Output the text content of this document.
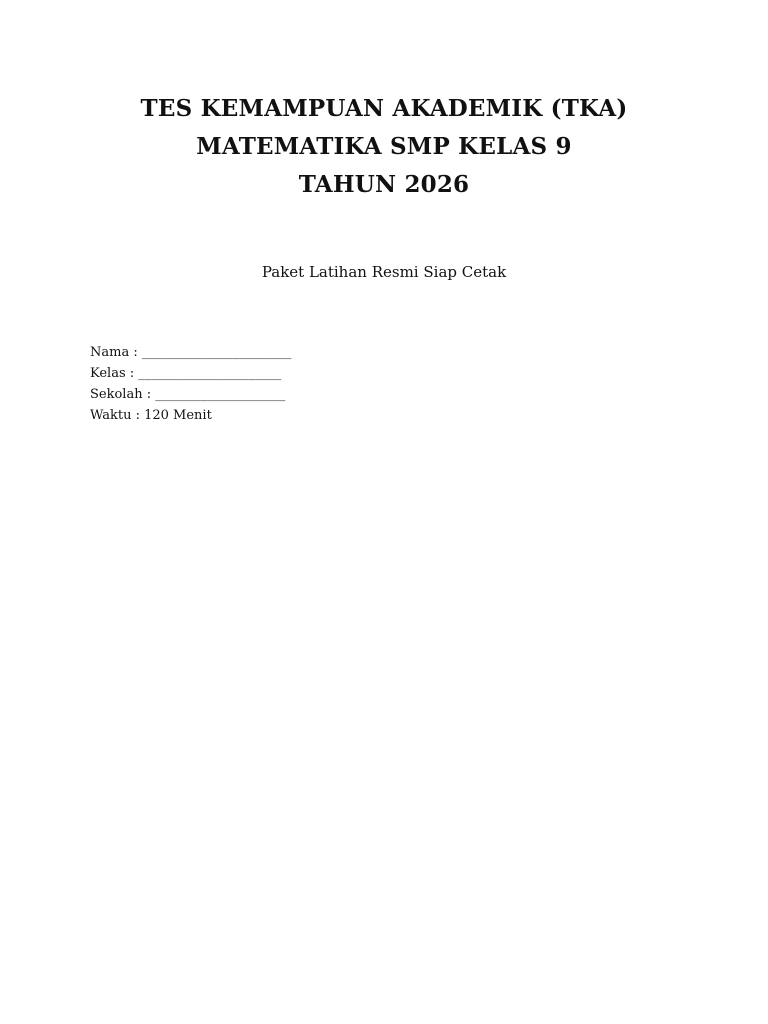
TES KEMAMPUAN AKADEMIK (TKA)
MATEMATIKA SMP KELAS 9
TAHUN 2026
Paket Latihan Resmi Siap Cetak
Nama : _______________________
Kelas : ______________________
Sekolah : ____________________
Waktu : 120 Menit
